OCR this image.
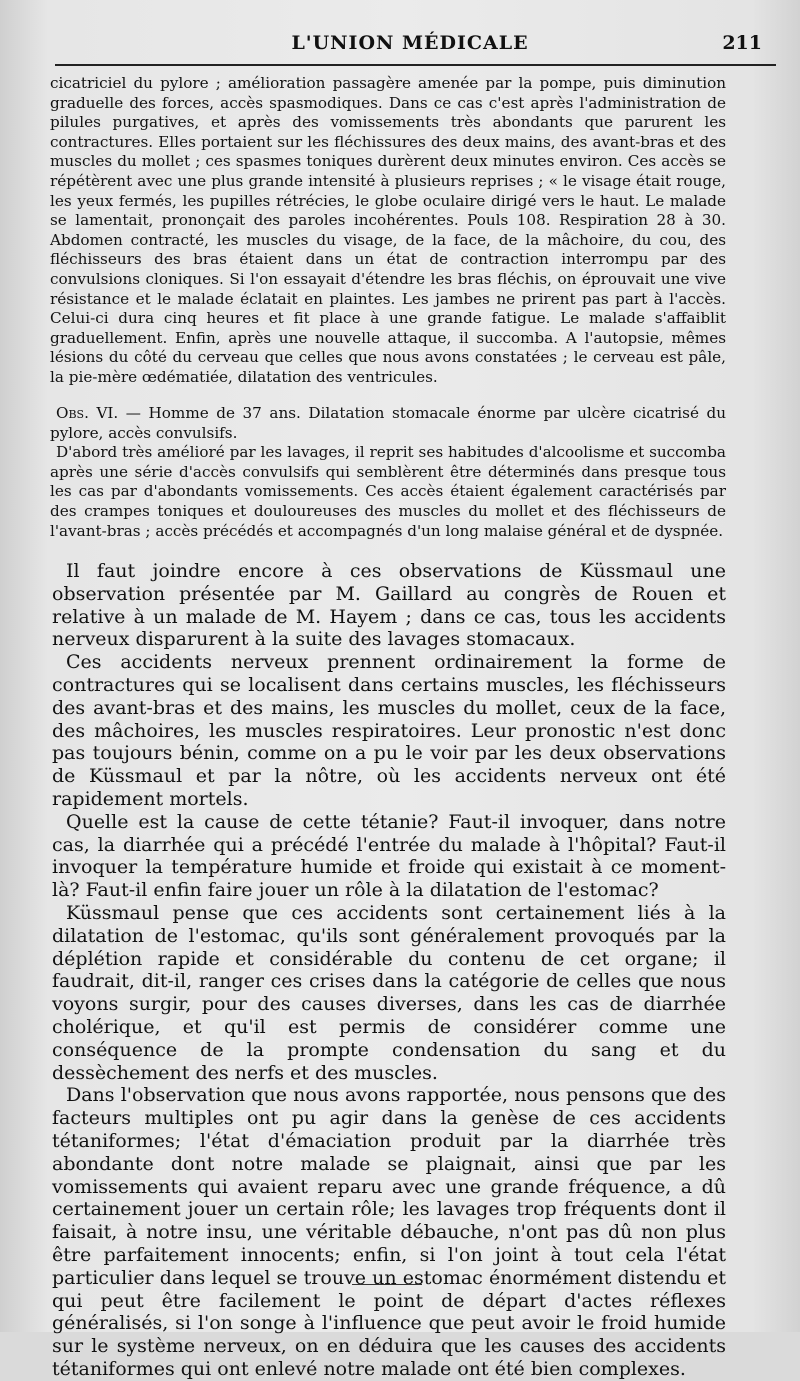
L'UNION MÉDICALE	211

cicatriciel du pylore ; amélioration passagère amenée par la pompe, puis diminution graduelle des forces, accès spasmodiques. Dans ce cas c'est après l'administration de pilules purgatives, et après des vomissements très abondants que parurent les contractures. Elles portaient sur les fléchissures des deux mains, des avant-bras et des muscles du mollet ; ces spasmes toniques durèrent deux minutes environ. Ces accès se répétèrent avec une plus grande intensité à plusieurs reprises ; « le visage était rouge, les yeux fermés, les pupilles rétrécies, le globe oculaire dirigé vers le haut. Le malade se lamentait, prononçait des paroles incohérentes. Pouls 108. Respiration 28 à 30. Abdomen contracté, les muscles du visage, de la face, de la mâchoire, du cou, des fléchisseurs des bras étaient dans un état de contraction interrompu par des convulsions cloniques. Si l'on essayait d'étendre les bras fléchis, on éprouvait une vive résistance et le malade éclatait en plaintes. Les jambes ne prirent pas part à l'accès. Celui-ci dura cinq heures et fit place à une grande fatigue. Le malade s'affaiblit graduellement. Enfin, après une nouvelle attaque, il succomba. A l'autopsie, mêmes lésions du côté du cerveau que celles que nous avons constatées ; le cerveau est pâle, la pie-mère œdématiée, dilatation des ventricules.

Obs. VI. — Homme de 37 ans. Dilatation stomacale énorme par ulcère cicatrisé du pylore, accès convulsifs.

D'abord très amélioré par les lavages, il reprit ses habitudes d'alcoolisme et succomba après une série d'accès convulsifs qui semblèrent être déterminés dans presque tous les cas par d'abondants vomissements. Ces accès étaient également caractérisés par des crampes toniques et douloureuses des muscles du mollet et des fléchisseurs de l'avant-bras ; accès précédés et accompagnés d'un long malaise général et de dyspnée.

Il faut joindre encore à ces observations de Küssmaul une observation présentée par M. Gaillard au congrès de Rouen et relative à un malade de M. Hayem ; dans ce cas, tous les accidents nerveux disparurent à la suite des lavages stomacaux.

Ces accidents nerveux prennent ordinairement la forme de contractures qui se localisent dans certains muscles, les fléchisseurs des avant-bras et des mains, les muscles du mollet, ceux de la face, des mâchoires, les muscles respiratoires. Leur pronostic n'est donc pas toujours bénin, comme on a pu le voir par les deux observations de Küssmaul et par la nôtre, où les accidents nerveux ont été rapidement mortels.

Quelle est la cause de cette tétanie? Faut-il invoquer, dans notre cas, la diarrhée qui a précédé l'entrée du malade à l'hôpital? Faut-il invoquer la température humide et froide qui existait à ce moment-là? Faut-il enfin faire jouer un rôle à la dilatation de l'estomac?

Küssmaul pense que ces accidents sont certainement liés à la dilatation de l'estomac, qu'ils sont généralement provoqués par la déplétion rapide et considérable du contenu de cet organe; il faudrait, dit-il, ranger ces crises dans la catégorie de celles que nous voyons surgir, pour des causes diverses, dans les cas de diarrhée cholérique, et qu'il est permis de considérer comme une conséquence de la prompte condensation du sang et du dessèchement des nerfs et des muscles.

Dans l'observation que nous avons rapportée, nous pensons que des facteurs multiples ont pu agir dans la genèse de ces accidents tétaniformes; l'état d'émaciation produit par la diarrhée très abondante dont notre malade se plaignait, ainsi que par les vomissements qui avaient reparu avec une grande fréquence, a dû certainement jouer un certain rôle; les lavages trop fréquents dont il faisait, à notre insu, une véritable débauche, n'ont pas dû non plus être parfaitement innocents; enfin, si l'on joint à tout cela l'état particulier dans lequel se trouve un estomac énormément distendu et qui peut être facilement le point de départ d'actes réflexes généralisés, si l'on songe à l'influence que peut avoir le froid humide sur le système nerveux, on en déduira que les causes des accidents tétaniformes qui ont enlevé notre malade ont été bien complexes.
